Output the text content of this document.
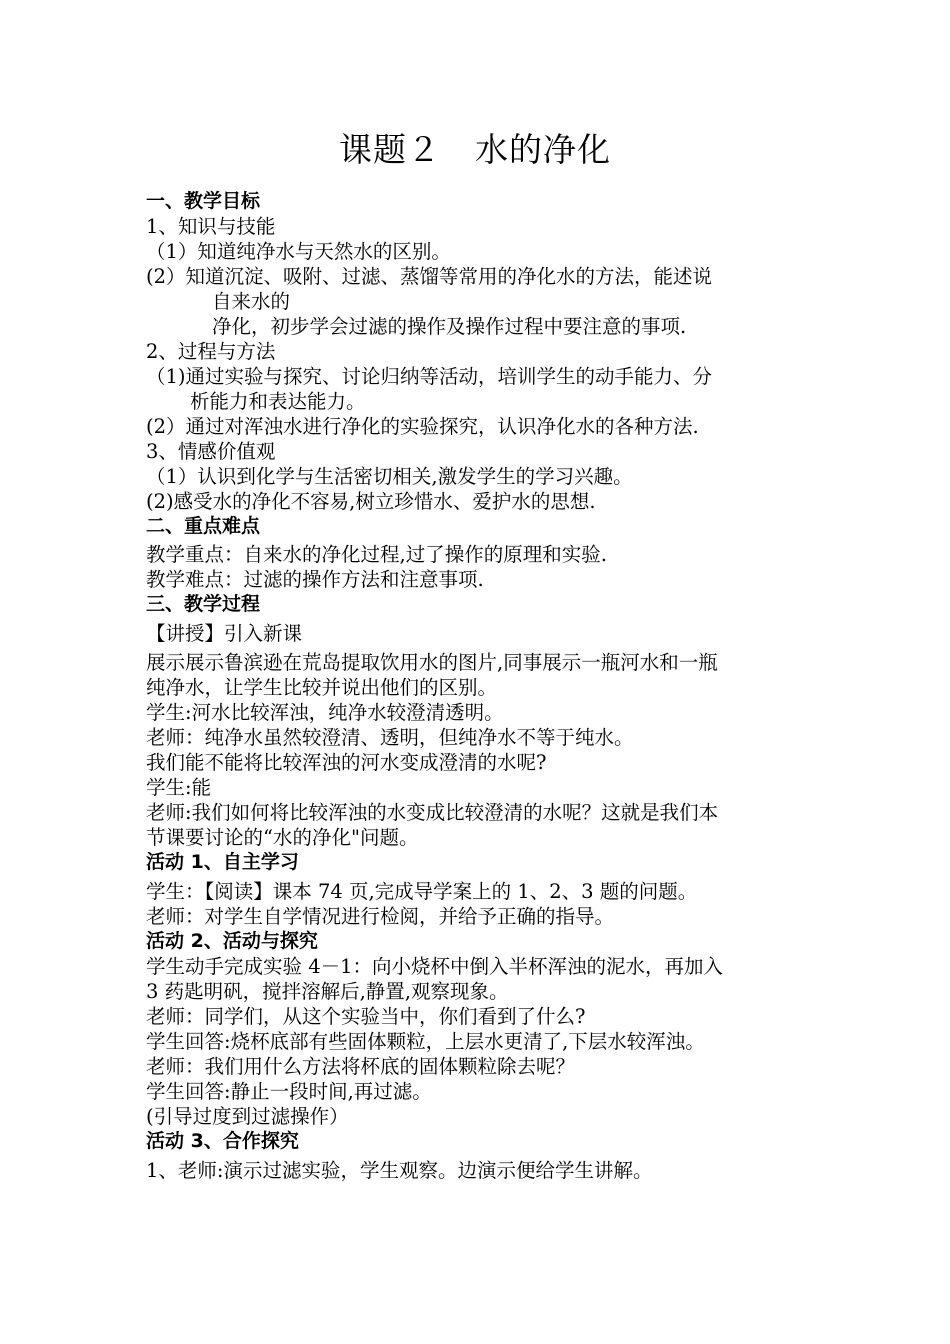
课题２　水的净化
一、教学目标
1、知识与技能
（1）知道纯净水与天然水的区别。
(2）知道沉淀、吸附、过滤、蒸馏等常用的净化水的方法，能述说
自来水的
净化，初步学会过滤的操作及操作过程中要注意的事项.
2、过程与方法
（1)通过实验与探究、讨论归纳等活动，培训学生的动手能力、分
析能力和表达能力。
(2）通过对浑浊水进行净化的实验探究，认识净化水的各种方法.
3、情感价值观
（1）认识到化学与生活密切相关,激发学生的学习兴趣。
(2)感受水的净化不容易,树立珍惜水、爱护水的思想.
二、重点难点
教学重点：自来水的净化过程,过了操作的原理和实验.
教学难点：过滤的操作方法和注意事项.
三、教学过程
【讲授】引入新课
展示展示鲁滨逊在荒岛提取饮用水的图片,同事展示一瓶河水和一瓶
纯净水，让学生比较并说出他们的区别。
学生:河水比较浑浊，纯净水较澄清透明。
老师：纯净水虽然较澄清、透明，但纯净水不等于纯水。
我们能不能将比较浑浊的河水变成澄清的水呢?
学生:能
老师:我们如何将比较浑浊的水变成比较澄清的水呢？这就是我们本
节课要讨论的“水的净化"问题。
活动 1、自主学习
学生：【阅读】课本 74 页,完成导学案上的 1、2、3 题的问题。
老师：对学生自学情况进行检阅，并给予正确的指导。
活动 2、活动与探究
学生动手完成实验 4－1：向小烧杯中倒入半杯浑浊的泥水，再加入
3 药匙明矾，搅拌溶解后,静置,观察现象。
老师：同学们，从这个实验当中，你们看到了什么?
学生回答:烧杯底部有些固体颗粒，上层水更清了,下层水较浑浊。
老师：我们用什么方法将杯底的固体颗粒除去呢？
学生回答:静止一段时间,再过滤。
(引导过度到过滤操作）
活动 3、合作探究
1、老师:演示过滤实验，学生观察。边演示便给学生讲解。
